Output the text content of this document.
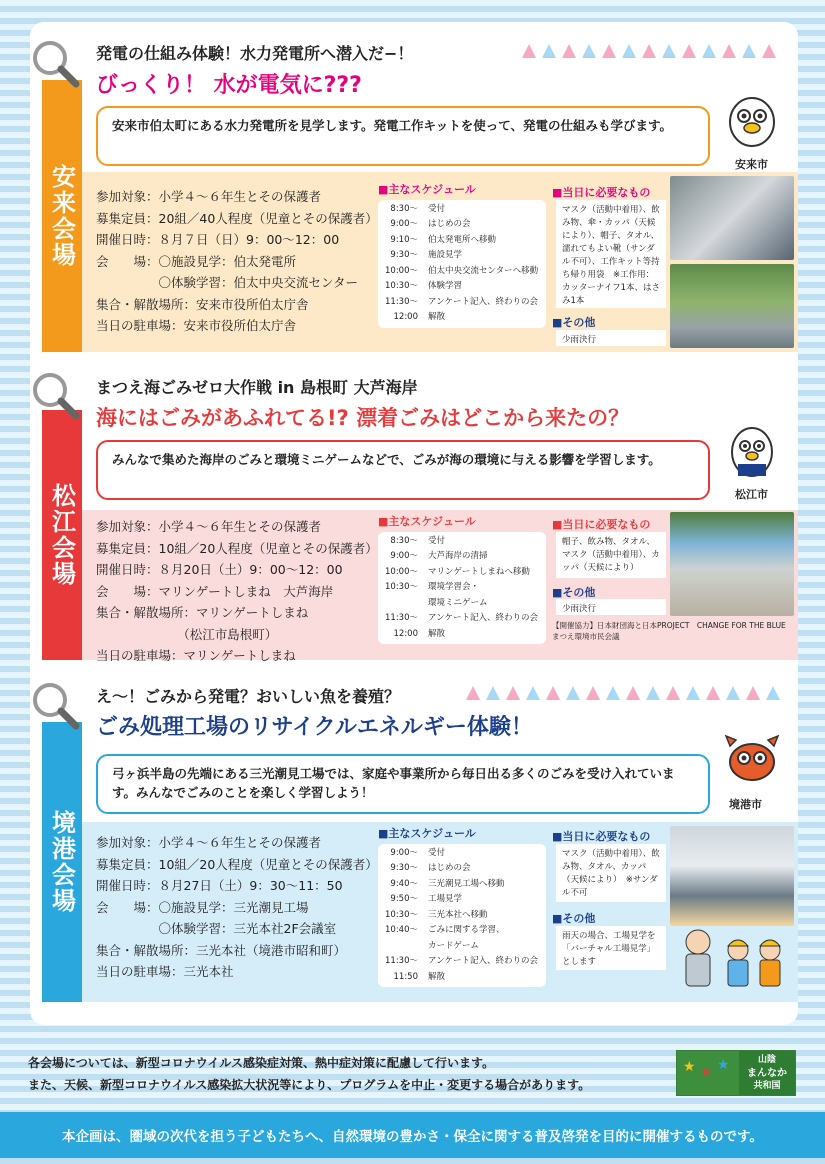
安来会場
発電の仕組み体験！水力発電所へ潜入だ−！
びっくり！ 水が電気に???
安来市伯太町にある水力発電所を見学します。発電工作キットを使って、発電の仕組みも学びます。
安来市
参加対象：小学４～６年生とその保護者
募集定員：20組／40人程度（児童とその保護者）
開催日時：８月７日（日）9：00～12：00
会　　場：〇施設見学：伯太発電所
　　　　　〇体験学習：伯太中央交流センター
集合・解散場所：安来市役所伯太庁舎
当日の駐車場：安来市役所伯太庁舎
■主なスケジュール
8:30〜 受付
9:00〜 はじめの会
9:10〜 伯太発電所へ移動
9:30〜 施設見学
10:00〜 伯太中央交流センターへ移動
10:30〜 体験学習
11:30〜 アンケート記入、終わりの会
12:00 解散
■当日に必要なもの
マスク（活動中着用）、飲み物、傘・カッパ（天候により）、帽子、タオル、濡れてもよい靴（サンダル不可）、工作キット等持ち帰り用袋　※工作用：カッターナイフ1本、はさみ1本
■その他
少雨決行
松江会場
まつえ海ごみゼロ大作戦 in 島根町 大芦海岸
海にはごみがあふれてる!? 漂着ごみはどこから来たの？
みんなで集めた海岸のごみと環境ミニゲームなどで、ごみが海の環境に与える影響を学習します。
松江市
参加対象：小学４～６年生とその保護者
募集定員：10組／20人程度（児童とその保護者）
開催日時：８月20日（土）9：00～12：00
会　　場：マリンゲートしまね　大芦海岸
集合・解散場所：マリンゲートしまね
　　　　　　　（松江市島根町）
当日の駐車場：マリンゲートしまね
■主なスケジュール
8:30〜 受付
9:00〜 大芦海岸の清掃
10:00〜 マリンゲートしまねへ移動
10:30〜 環境学習会・
環境ミニゲーム
11:30〜 アンケート記入、終わりの会
12:00 解散
■当日に必要なもの
帽子、飲み物、タオル、マスク（活動中着用）、カッパ（天候により）
■その他
少雨決行
【開催協力】日本財団海と日本PROJECT　CHANGE FOR THE BLUE　まつえ環境市民会議
境港会場
え〜！ごみから発電？おいしい魚を養殖？
ごみ処理工場のリサイクルエネルギー体験！
弓ヶ浜半島の先端にある三光潮見工場では、家庭や事業所から毎日出る多くのごみを受け入れています。みんなでごみのことを楽しく学習しよう！
境港市
参加対象：小学４～６年生とその保護者
募集定員：10組／20人程度（児童とその保護者）
開催日時：８月27日（土）9：30～11：50
会　　場：〇施設見学：三光潮見工場
　　　　　〇体験学習：三光本社2F会議室
集合・解散場所：三光本社（境港市昭和町）
当日の駐車場：三光本社
■主なスケジュール
9:00〜 受付
9:30〜 はじめの会
9:40〜 三光潮見工場へ移動
9:50〜 工場見学
10:30〜 三光本社へ移動
10:40〜 ごみに関する学習、
カードゲーム
11:30〜 アンケート記入、終わりの会
11:50 解散
■当日に必要なもの
マスク（活動中着用）、飲み物、タオル、カッパ（天候により）　※サンダル不可
■その他
雨天の場合、工場見学を「バーチャル工場見学」とします
各会場については、新型コロナウイルス感染症対策、熱中症対策に配慮して行います。
また、天候、新型コロナウイルス感染拡大状況等により、プログラムを中止・変更する場合があります。
★ ★ ★	山陰
まんなか
共和国
本企画は、圏域の次代を担う子どもたちへ、自然環境の豊かさ・保全に関する普及啓発を目的に開催するものです。
